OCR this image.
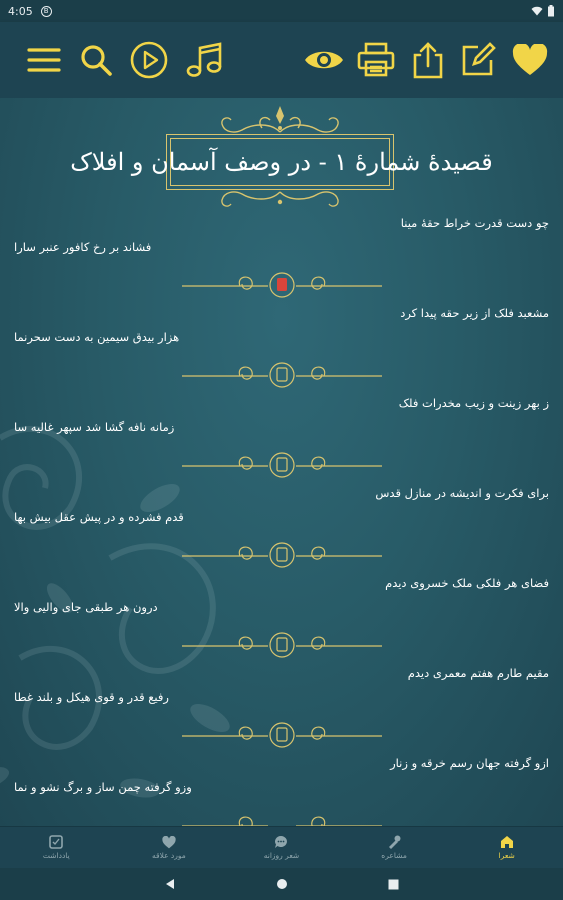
4:05	B
قصیدهٔ شمارهٔ ۱ - در وصف آسمان و افلاک
چو دست قدرت خراط حقهٔ مینا
فشاند بر رخ کافور عنبر سارا
مشعبد فلک از زیر حقه پیدا کرد
هزار بیدق سیمین به دست سحرنما
ز بهر زینت و زیب مخدرات فلک
زمانه نافه گشا شد سپهر غالیه سا
برای فکرت و اندیشه در منازل قدس
قدم فشرده و در پیش عقل بیش بها
فضای هر فلکی ملک خسروی دیدم
درون هر طبقی جای والیی والا
مقیم طارم هفتم معمری دیدم
رفیع قدر و قوی هیکل و بلند غطا
ازو گرفته جهان رسم خرقه و زنار
وزو گرفته چمن ساز و برگ نشو و نما
یادداشت	مورد علاقه	شعر روزانه	مشاعره	شعرا
